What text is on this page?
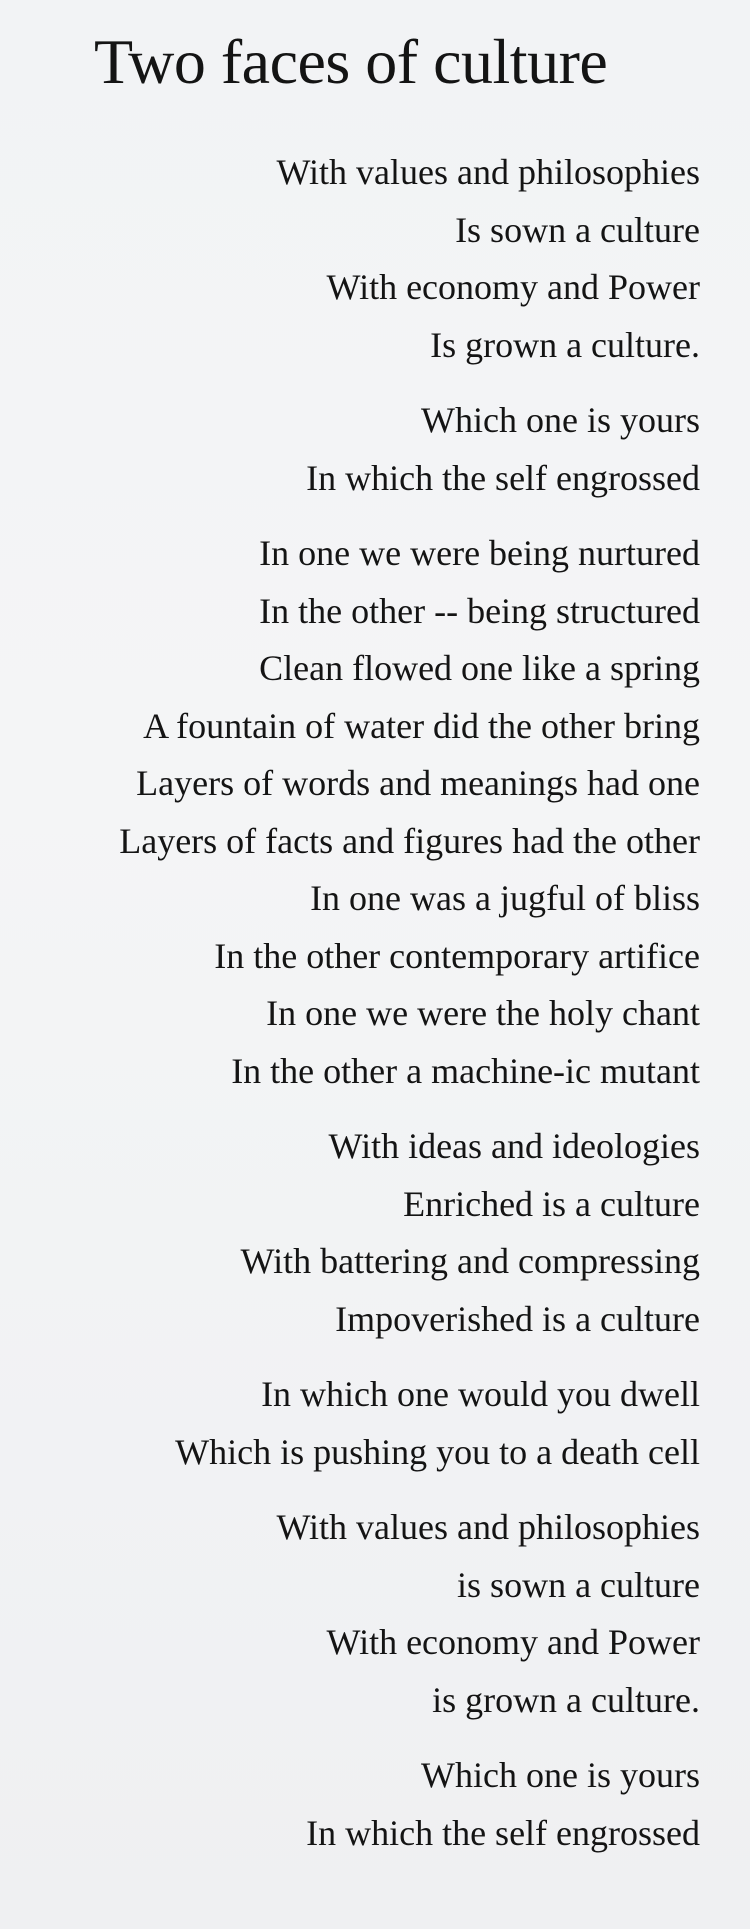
Two faces of culture
With values and philosophies
Is sown a culture
With economy and Power
Is grown a culture.
Which one is yours
In which the self engrossed
In one we were being nurtured
In the other -- being structured
Clean flowed one like a spring
A fountain of water did the other bring
Layers of words and meanings had one
Layers of facts and figures had the other
In one was a jugful of bliss
In the other contemporary artifice
In one we were the holy chant
In the other a machine-ic mutant
With ideas and ideologies
Enriched is a culture
With battering and compressing
Impoverished is a culture
In which one would you dwell
Which is pushing you to a death cell
With values and philosophies
is sown a culture
With economy and Power
is grown a culture.
Which one is yours
In which the self engrossed
